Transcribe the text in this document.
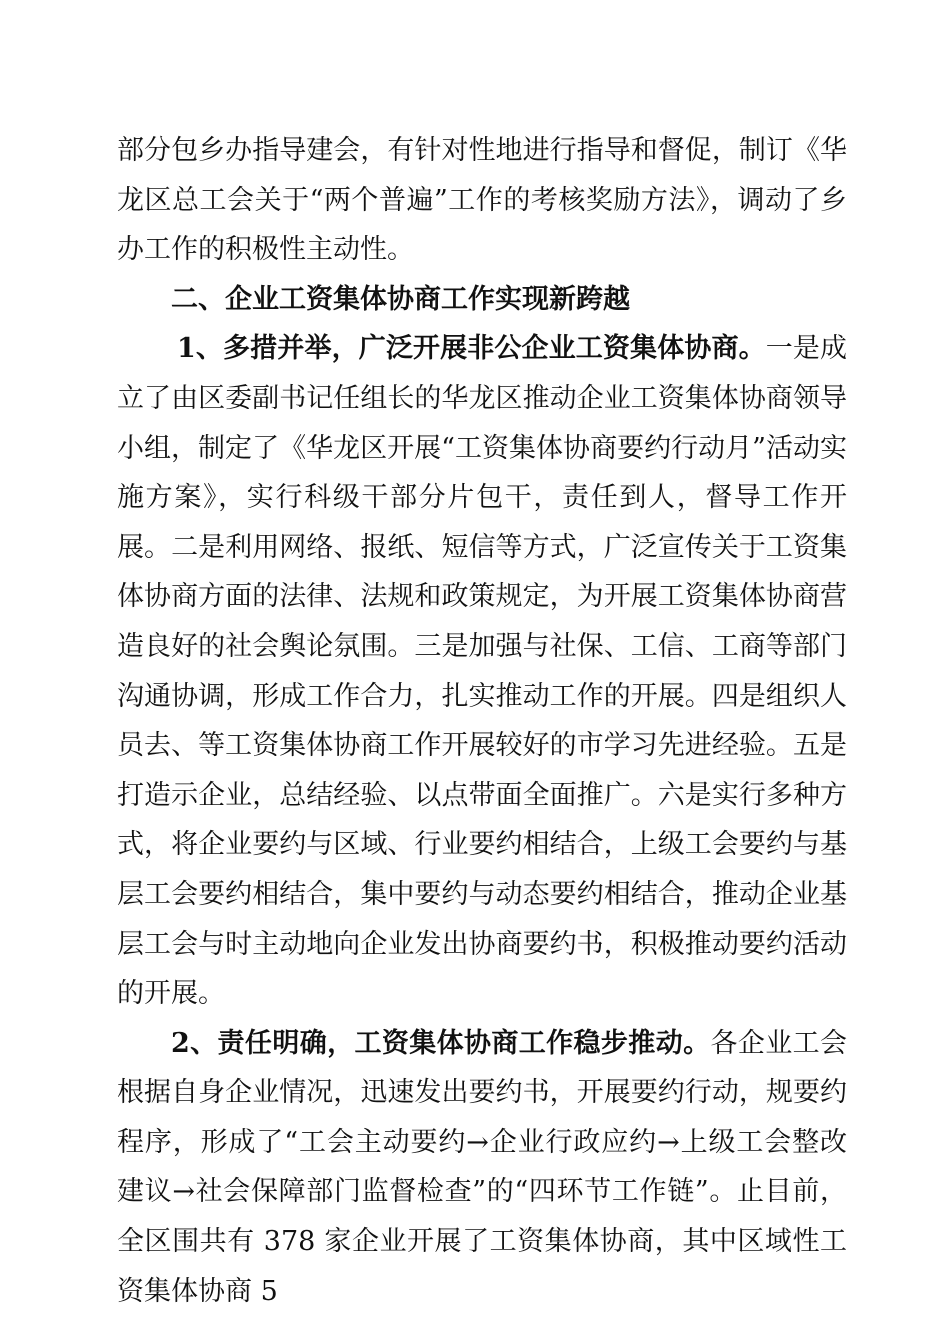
部分包乡办指导建会，有针对性地进行指导和督促，制订《华龙区总工会关于“两个普遍”工作的考核奖励方法》，调动了乡办工作的积极性主动性。

二、企业工资集体协商工作实现新跨越

1、多措并举，广泛开展非公企业工资集体协商。一是成立了由区委副书记任组长的华龙区推动企业工资集体协商领导小组，制定了《华龙区开展“工资集体协商要约行动月”活动实施方案》，实行科级干部分片包干，责任到人，督导工作开展。二是利用网络、报纸、短信等方式，广泛宣传关于工资集体协商方面的法律、法规和政策规定，为开展工资集体协商营造良好的社会舆论氛围。三是加强与社保、工信、工商等部门沟通协调，形成工作合力，扎实推动工作的开展。四是组织人员去、等工资集体协商工作开展较好的市学习先进经验。五是打造示企业，总结经验、以点带面全面推广。六是实行多种方式，将企业要约与区域、行业要约相结合，上级工会要约与基层工会要约相结合，集中要约与动态要约相结合，推动企业基层工会与时主动地向企业发出协商要约书，积极推动要约活动的开展。

2、责任明确，工资集体协商工作稳步推动。各企业工会根据自身企业情况，迅速发出要约书，开展要约行动，规要约程序，形成了“工会主动要约→企业行政应约→上级工会整改建议→社会保障部门监督检查”的“四环节工作链”。止目前，全区围共有 378 家企业开展了工资集体协商，其中区域性工资集体协商 5
